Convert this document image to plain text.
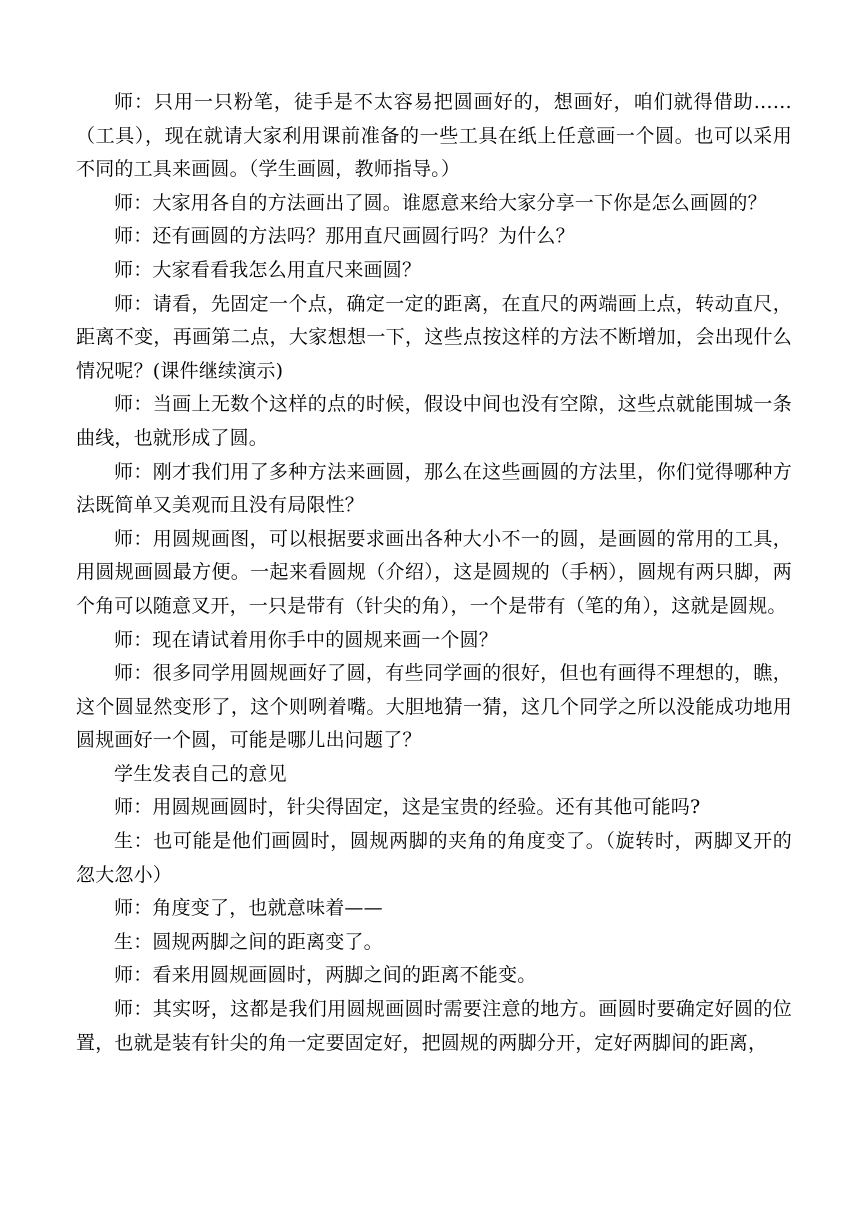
师：只用一只粉笔，徒手是不太容易把圆画好的，想画好，咱们就得借助……（工具），现在就请大家利用课前准备的一些工具在纸上任意画一个圆。也可以采用不同的工具来画圆。（学生画圆，教师指导。）

师：大家用各自的方法画出了圆。谁愿意来给大家分享一下你是怎么画圆的？

师：还有画圆的方法吗？那用直尺画圆行吗？为什么？

师：大家看看我怎么用直尺来画圆？

师：请看，先固定一个点，确定一定的距离，在直尺的两端画上点，转动直尺，距离不变，再画第二点，大家想想一下，这些点按这样的方法不断增加，会出现什么情况呢？(课件继续演示)

师：当画上无数个这样的点的时候，假设中间也没有空隙，这些点就能围城一条曲线，也就形成了圆。

师：刚才我们用了多种方法来画圆，那么在这些画圆的方法里，你们觉得哪种方法既简单又美观而且没有局限性？

师：用圆规画图，可以根据要求画出各种大小不一的圆，是画圆的常用的工具，用圆规画圆最方便。一起来看圆规（介绍），这是圆规的（手柄），圆规有两只脚，两个角可以随意叉开，一只是带有（针尖的角），一个是带有（笔的角），这就是圆规。

师：现在请试着用你手中的圆规来画一个圆？

师：很多同学用圆规画好了圆，有些同学画的很好，但也有画得不理想的，瞧，这个圆显然变形了，这个则咧着嘴。大胆地猜一猜，这几个同学之所以没能成功地用圆规画好一个圆，可能是哪儿出问题了？

学生发表自己的意见

师：用圆规画圆时，针尖得固定，这是宝贵的经验。还有其他可能吗?

生：也可能是他们画圆时，圆规两脚的夹角的角度变了。（旋转时，两脚叉开的忽大忽小）

师：角度变了，也就意味着——

生：圆规两脚之间的距离变了。

师：看来用圆规画圆时，两脚之间的距离不能变。

师：其实呀，这都是我们用圆规画圆时需要注意的地方。画圆时要确定好圆的位置，也就是装有针尖的角一定要固定好，把圆规的两脚分开，定好两脚间的距离，
